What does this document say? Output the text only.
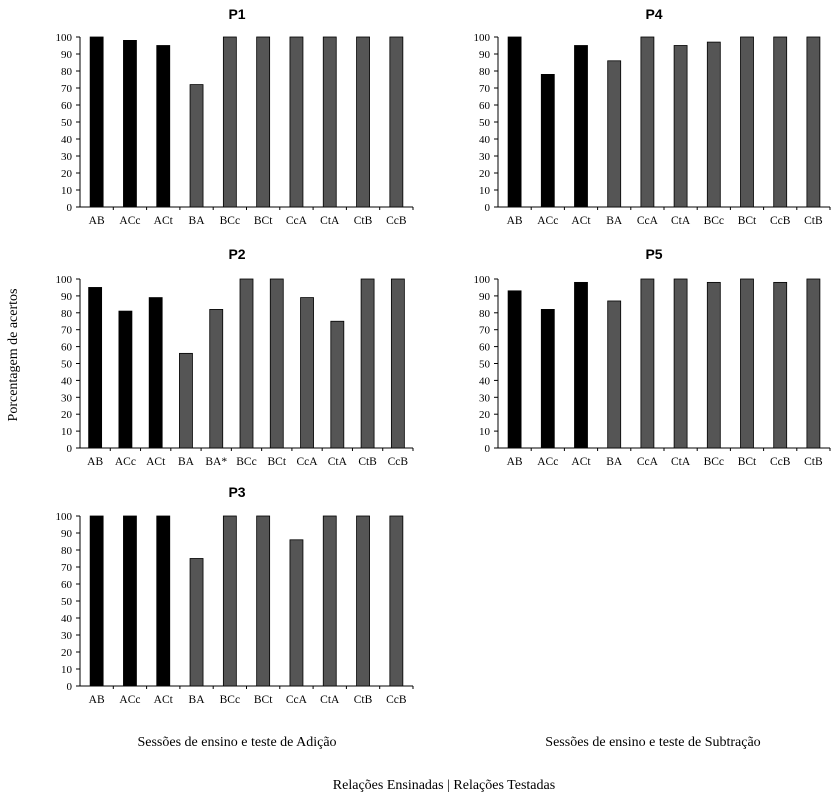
P1
0
10
20
30
40
50
60
70
80
90
100
AB ACc ACt BA BCc BCt CcA CtA CtB CcB
P4
0
10
20
30
40
50
60
70
80
90
100
AB ACc ACt BA CcA CtA BCc BCt CcB CtB
P2
0
10
20
30
40
50
60
70
80
90
100
AB ACc ACt BA BA* BCc BCt CcA CtA CtB CcB
P5
0
10
20
30
40
50
60
70
80
90
100
AB ACc ACt BA CcA CtA BCc BCt CcB CtB
P3
0
10
20
30
40
50
60
70
80
90
100
AB ACc ACt BA BCc BCt CcA CtA CtB CcB
Porcentagem de acertos
Sessões de ensino e teste de Adição	Sessões de ensino e teste de Subtração
Relações Ensinadas | Relações Testadas
